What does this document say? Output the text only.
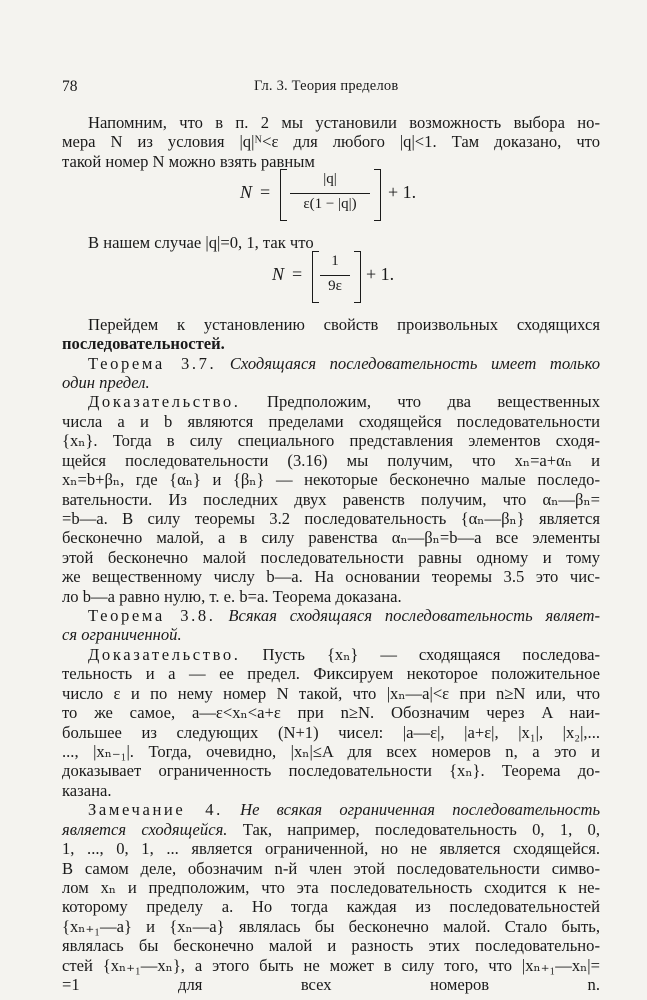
78	Гл. 3. Теория пределов
Напомним, что в п. 2 мы установили возможность выбора но-
мера N из условия |q|ᴺ<ε для любого |q|<1. Там доказано, что
такой номер N можно взять равным
N =
|q|
ε(1 − |q|)
+ 1.
В нашем случае |q|=0, 1, так что
N =
1
9ε
+ 1.
Перейдем к установлению свойств произвольных сходящихся
последовательностей.
Теорема 3.7. Сходящаяся последовательность имеет только
один предел.
Доказательство. Предположим, что два вещественных
числа a и b являются пределами сходящейся последовательности
{xₙ}. Тогда в силу специального представления элементов сходя-
щейся последовательности (3.16) мы получим, что xₙ=a+αₙ и
xₙ=b+βₙ, где {αₙ} и {βₙ} — некоторые бесконечно малые последо-
вательности. Из последних двух равенств получим, что αₙ—βₙ=
=b—a. В силу теоремы 3.2 последовательность {αₙ—βₙ} является
бесконечно малой, а в силу равенства αₙ—βₙ=b—a все элементы
этой бесконечно малой последовательности равны одному и тому
же вещественному числу b—a. На основании теоремы 3.5 это чис-
ло b—a равно нулю, т. е. b=a. Теорема доказана.
Теорема 3.8. Всякая сходящаяся последовательность являет-
ся ограниченной.
Доказательство. Пусть {xₙ} — сходящаяся последова-
тельность и a — ее предел. Фиксируем некоторое положительное
число ε и по нему номер N такой, что |xₙ—a|<ε при n≥N или, что
то же самое, a—ε<xₙ<a+ε при n≥N. Обозначим через A наи-
большее из следующих (N+1) чисел: |a—ε|, |a+ε|, |x₁|, |x₂|,...
..., |xₙ₋₁|. Тогда, очевидно, |xₙ|≤A для всех номеров n, а это и
доказывает ограниченность последовательности {xₙ}. Теорема до-
казана.
Замечание 4. Не всякая ограниченная последовательность
является сходящейся. Так, например, последовательность 0, 1, 0,
1, ..., 0, 1, ... является ограниченной, но не является сходящейся.
В самом деле, обозначим n-й член этой последовательности симво-
лом xₙ и предположим, что эта последовательность сходится к не-
которому пределу a. Но тогда каждая из последовательностей
{xₙ₊₁—a} и {xₙ—a} являлась бы бесконечно малой. Стало быть,
являлась бы бесконечно малой и разность этих последовательно-
стей {xₙ₊₁—xₙ}, а этого быть не может в силу того, что |xₙ₊₁—xₙ|=
=1 для всех номеров n.
